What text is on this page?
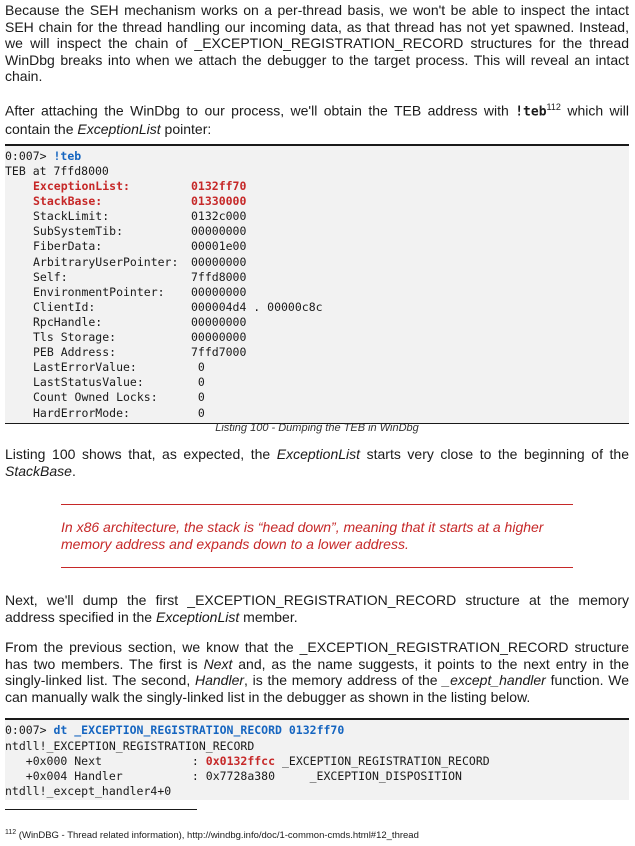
Because the SEH mechanism works on a per-thread basis, we won't be able to inspect the intact SEH chain for the thread handling our incoming data, as that thread has not yet spawned. Instead, we will inspect the chain of _EXCEPTION_REGISTRATION_RECORD structures for the thread WinDbg breaks into when we attach the debugger to the target process. This will reveal an intact chain.

After attaching the WinDbg to our process, we'll obtain the TEB address with !teb$^{112}$ which will contain the ExceptionList pointer:

0:007> !teb
TEB at 7ffd8000
ExceptionList:	0132ff70
StackBase:	01330000
StackLimit:	0132c000
SubSystemTib:	00000000
FiberData:	00001e00
ArbitraryUserPointer: 00000000
Self:	7ffd8000
EnvironmentPointer: 00000000
ClientId:	000004d4 . 00000c8c
RpcHandle:	00000000
Tls Storage:	00000000
PEB Address:	7ffd7000
LastErrorValue:	0
LastStatusValue:	0
Count Owned Locks:	0
HardErrorMode:	0
Listing 100 - Dumping the TEB in WinDbg

Listing 100 shows that, as expected, the ExceptionList starts very close to the beginning of the StackBase.

In x86 architecture, the stack is “head down”, meaning that it starts at a higher memory address and expands down to a lower address.

Next, we'll dump the first _EXCEPTION_REGISTRATION_RECORD structure at the memory address specified in the ExceptionList member.

From the previous section, we know that the _EXCEPTION_REGISTRATION_RECORD structure has two members. The first is Next and, as the name suggests, it points to the next entry in the singly-linked list. The second, Handler, is the memory address of the _except_handler function. We can manually walk the singly-linked list in the debugger as shown in the listing below.

0:007> dt _EXCEPTION_REGISTRATION_RECORD 0132ff70
ntdll!_EXCEPTION_REGISTRATION_RECORD
+0x000 Next             : 0x0132ffcc _EXCEPTION_REGISTRATION_RECORD
+0x004 Handler          : 0x7728a380     _EXCEPTION_DISPOSITION
ntdll!_except_handler4+0
$^{112}$ (WinDBG - Thread related information), http://windbg.info/doc/1-common-cmds.html#12_thread
